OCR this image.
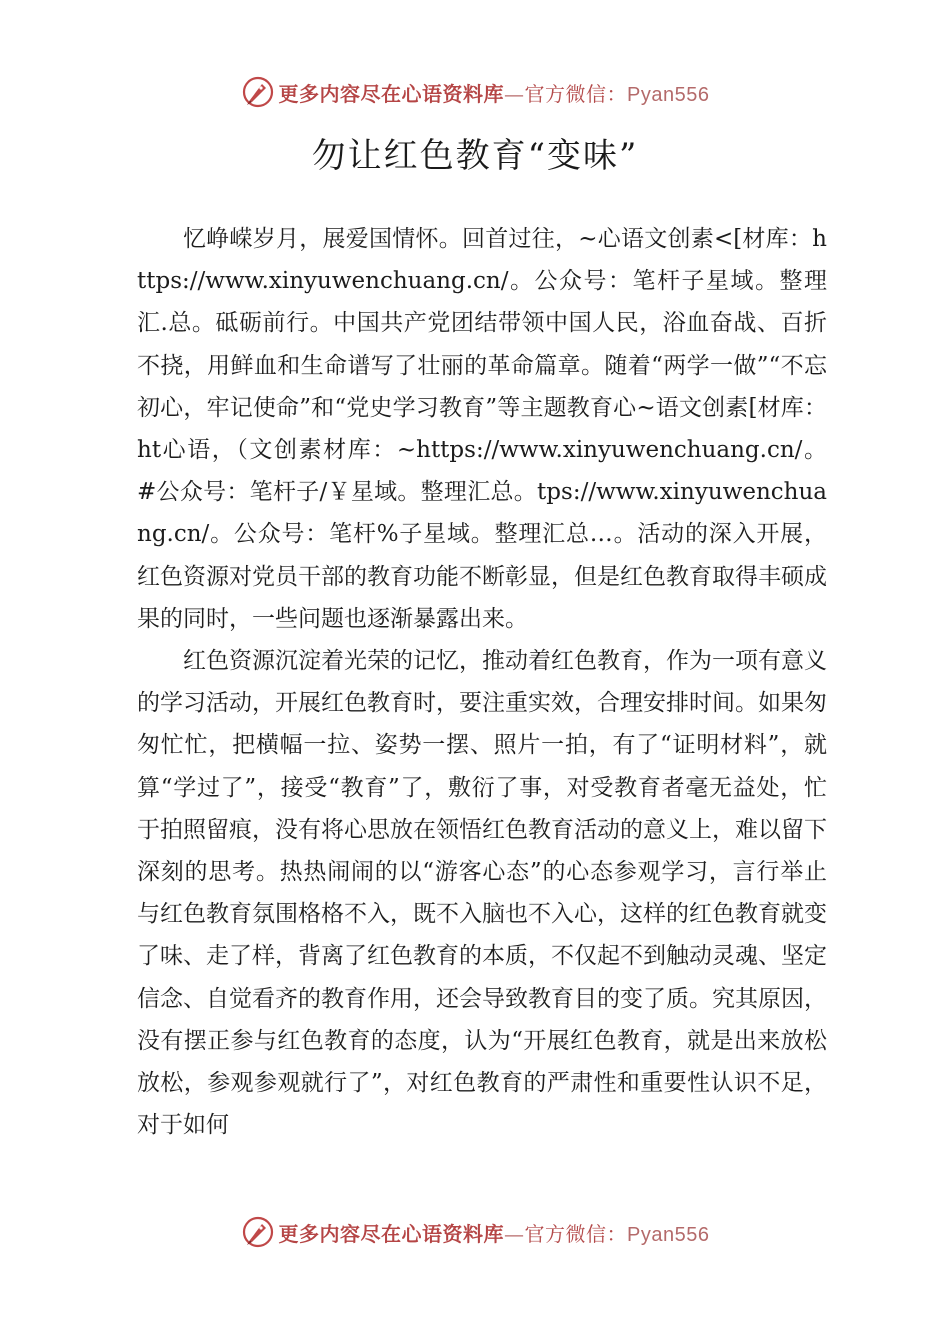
更多内容尽在心语资料库—官方微信：Pyan556
勿让红色教育“变味”

忆峥嵘岁月，展爱国情怀。回首过往，~心语文创素<[材库：https://www.xinyuwenchuang.cn/。公众号：笔杆子星域。整理汇.总。砥砺前行。中国共产党团结带领中国人民，浴血奋战、百折不挠，用鲜血和生命谱写了壮丽的革命篇章。随着“两学一做”“不忘初心，牢记使命”和“党史学习教育”等主题教育心~语文创素[材库：ht心语，（文创素材库：~https://www.xinyuwenchuang.cn/。#公众号：笔杆子/￥星域。整理汇总。tps://www.xinyuwenchuang.cn/。公众号：笔杆%子星域。整理汇总…。活动的深入开展，红色资源对党员干部的教育功能不断彰显，但是红色教育取得丰硕成果的同时，一些问题也逐渐暴露出来。

红色资源沉淀着光荣的记忆，推动着红色教育，作为一项有意义的学习活动，开展红色教育时，要注重实效，合理安排时间。如果匆匆忙忙，把横幅一拉、姿势一摆、照片一拍，有了“证明材料”，就算“学过了”，接受“教育”了，敷衍了事，对受教育者毫无益处，忙于拍照留痕，没有将心思放在领悟红色教育活动的意义上，难以留下深刻的思考。热热闹闹的以“游客心态”的心态参观学习，言行举止与红色教育氛围格格不入，既不入脑也不入心，这样的红色教育就变了味、走了样，背离了红色教育的本质，不仅起不到触动灵魂、坚定信念、自觉看齐的教育作用，还会导致教育目的变了质。究其原因， 没有摆正参与红色教育的态度，认为“开展红色教育，就是出来放松放松，参观参观就行了”，对红色教育的严肃性和重要性认识不足，对于如何

更多内容尽在心语资料库—官方微信：Pyan556
